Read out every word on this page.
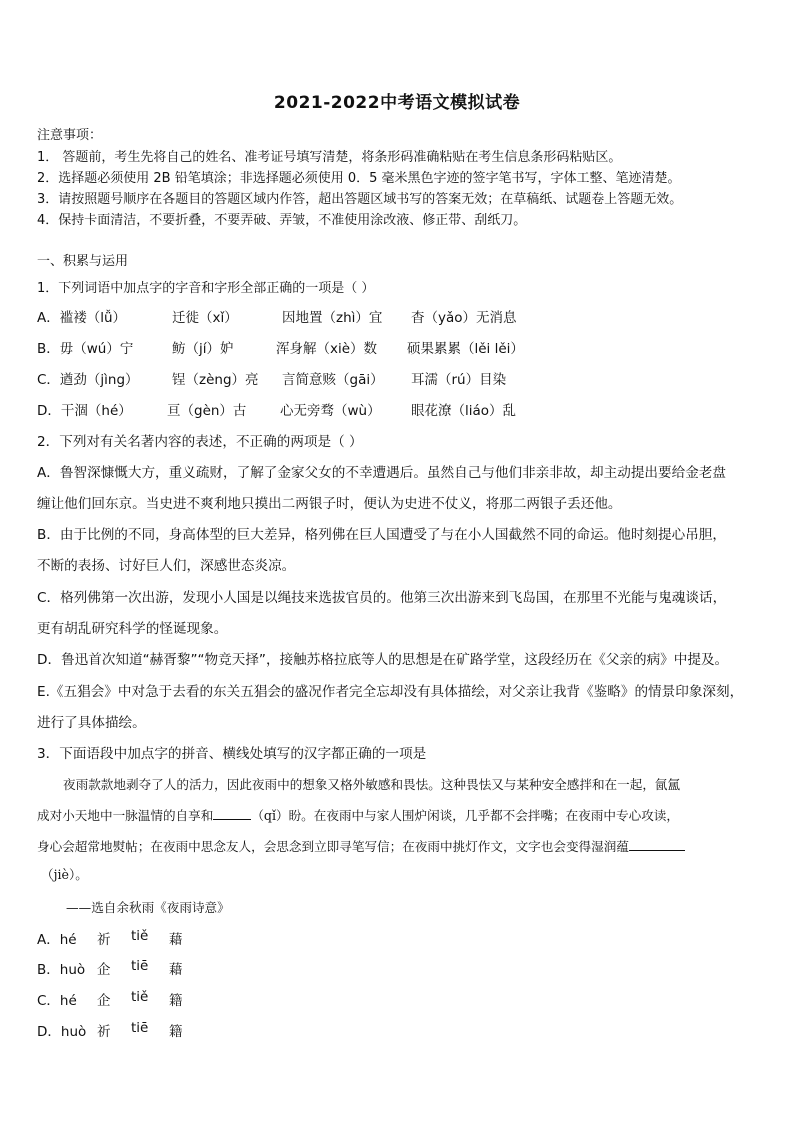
2021-2022中考语文模拟试卷
注意事项：
1． 答题前，考生先将自己的姓名、准考证号填写清楚，将条形码准确粘贴在考生信息条形码粘贴区。
2．选择题必须使用 2B 铅笔填涂；非选择题必须使用 0．5 毫米黑色字迹的签字笔书写，字体工整、笔迹清楚。
3．请按照题号顺序在各题目的答题区域内作答，超出答题区域书写的答案无效；在草稿纸、试题卷上答题无效。
4．保持卡面清洁，不要折叠，不要弄破、弄皱，不准使用涂改液、修正带、刮纸刀。
一、积累与运用
1．下列词语中加点字的字音和字形全部正确的一项是（ ）
A．褴褛（lǚ）	迁徙（xǐ）	因地置（zhì）宜 杳（yǎo）无消息
B．毋（wú）宁	鲂（jí）妒	浑身解（xiè）数 硕果累累（lěi lěi）
C．遒劲（jìng） 锃（zèng）亮 言简意赅（gāi） 耳濡（rú）目染
D．干涸（hé）	亘（gèn）古 心无旁骛（wù） 眼花潦（liáo）乱
2．下列对有关名著内容的表述，不正确的两项是（ ）
A．鲁智深慷慨大方，重义疏财，了解了金家父女的不幸遭遇后。虽然自己与他们非亲非故，却主动提出要给金老盘
缠让他们回东京。当史进不爽利地只摸出二两银子时，便认为史进不仗义，将那二两银子丢还他。
B．由于比例的不同，身高体型的巨大差异，格列佛在巨人国遭受了与在小人国截然不同的命运。他时刻提心吊胆，
不断的表扬、讨好巨人们，深感世态炎凉。
C．格列佛第一次出游，发现小人国是以绳技来选拔官员的。他第三次出游来到飞岛国，在那里不光能与鬼魂谈话，
更有胡乱研究科学的怪诞现象。
D．鲁迅首次知道“赫胥黎”“物竞天择”，接触苏格拉底等人的思想是在矿路学堂，这段经历在《父亲的病》中提及。
E.《五猖会》中对急于去看的东关五猖会的盛况作者完全忘却没有具体描绘，对父亲让我背《鉴略》的情景印象深刻，
进行了具体描绘。
3．下面语段中加点字的拼音、横线处填写的汉字都正确的一项是
夜雨款款地剥夺了人的活力，因此夜雨中的想象又格外敏感和畏怯。这种畏怯又与某种安全感拌和在一起，氤氲
成对小天地中一脉温情的自享和	（qǐ）盼。在夜雨中与家人围炉闲谈，几乎都不会拌嘴；在夜雨中专心攻读，
身心会超常地熨帖；在夜雨中思念友人，会思念到立即寻笔写信；在夜雨中挑灯作文，文字也会变得湿润蕴
（jiè）。
——选自余秋雨《夜雨诗意》
A．hé 祈 tiě 藉
B．huò 企 tiē 藉
C．hé 企 tiě 籍
D．huò 祈 tiē 籍
